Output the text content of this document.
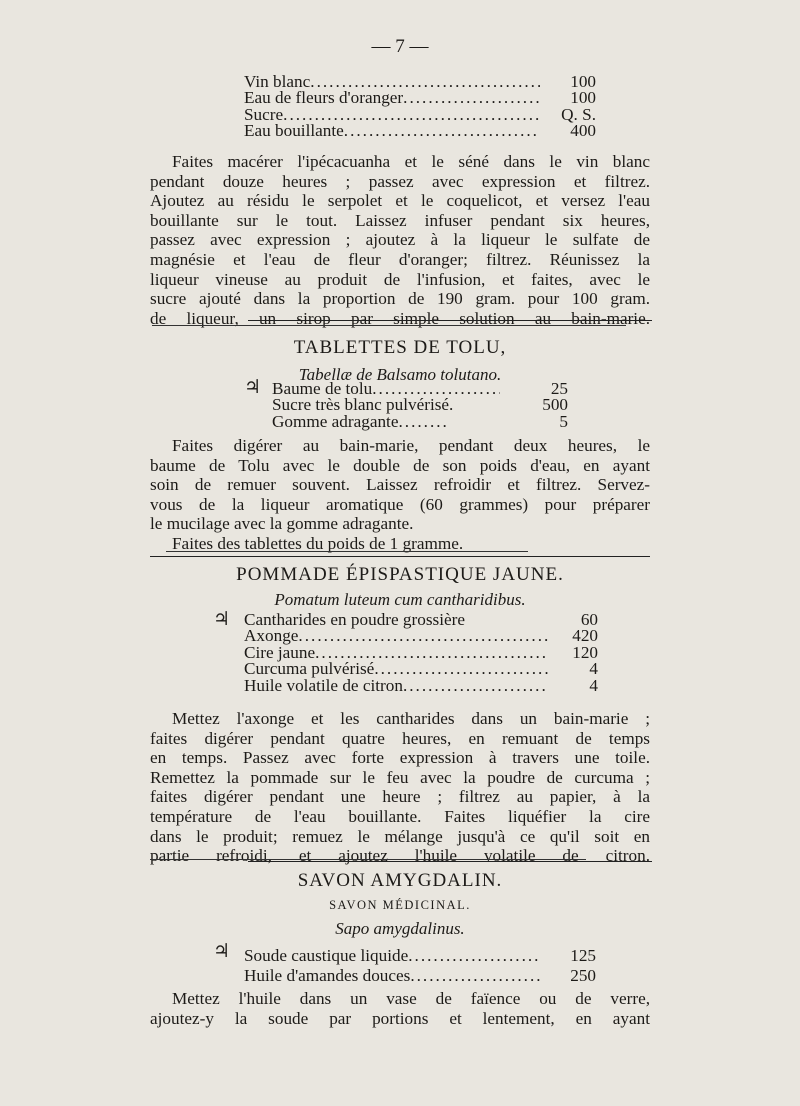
— 7 —
Vin blanc .....	100
Eau de fleurs d'oranger .....	100
Sucre .....	Q. S.
Eau bouillante .....	400

Faites macérer l'ipécacuanha et le séné dans le vin blanc

pendant douze heures ; passez avec expression et filtrez.

Ajoutez au résidu le serpolet et le coquelicot, et versez l'eau

bouillante sur le tout. Laissez infuser pendant six heures,

passez avec expression ; ajoutez à la liqueur le sulfate de

magnésie et l'eau de fleur d'oranger; filtrez. Réunissez la

liqueur vineuse au produit de l'infusion, et faites, avec le

sucre ajouté dans la proportion de 190 gram. pour 100 gram.

de liqueur, un sirop par simple solution au bain-marie.

TABLETTES DE TOLU,

Tabellæ de Balsamo tolutano.

♃ Baume de tolu .....	25
Sucre très blanc pulvérisé.	500
Gomme adragante .....	5

Faites digérer au bain-marie, pendant deux heures, le

baume de Tolu avec le double de son poids d'eau, en ayant

soin de remuer souvent. Laissez refroidir et filtrez. Servez-

vous de la liqueur aromatique (60 grammes) pour préparer

le mucilage avec la gomme adragante.

Faites des tablettes du poids de 1 gramme.

POMMADE ÉPISPASTIQUE JAUNE.

Pomatum luteum cum cantharidibus.

♃ Cantharides en poudre grossière	60
Axonge .....	420
Cire jaune .....	120
Curcuma pulvérisé .....	4
Huile volatile de citron .....	4

Mettez l'axonge et les cantharides dans un bain-marie ;

faites digérer pendant quatre heures, en remuant de temps

en temps. Passez avec forte expression à travers une toile.

Remettez la pommade sur le feu avec la poudre de curcuma ;

faites digérer pendant une heure ; filtrez au papier, à la

température de l'eau bouillante. Faites liquéfier la cire

dans le produit; remuez le mélange jusqu'à ce qu'il soit en

partie refroidi, et ajoutez l'huile volatile de citron.

SAVON AMYGDALIN.

SAVON MÉDICINAL.

Sapo amygdalinus.

♃ Soude caustique liquide .....	125
Huile d'amandes douces .....	250

Mettez l'huile dans un vase de faïence ou de verre,

ajoutez-y la soude par portions et lentement, en ayant
